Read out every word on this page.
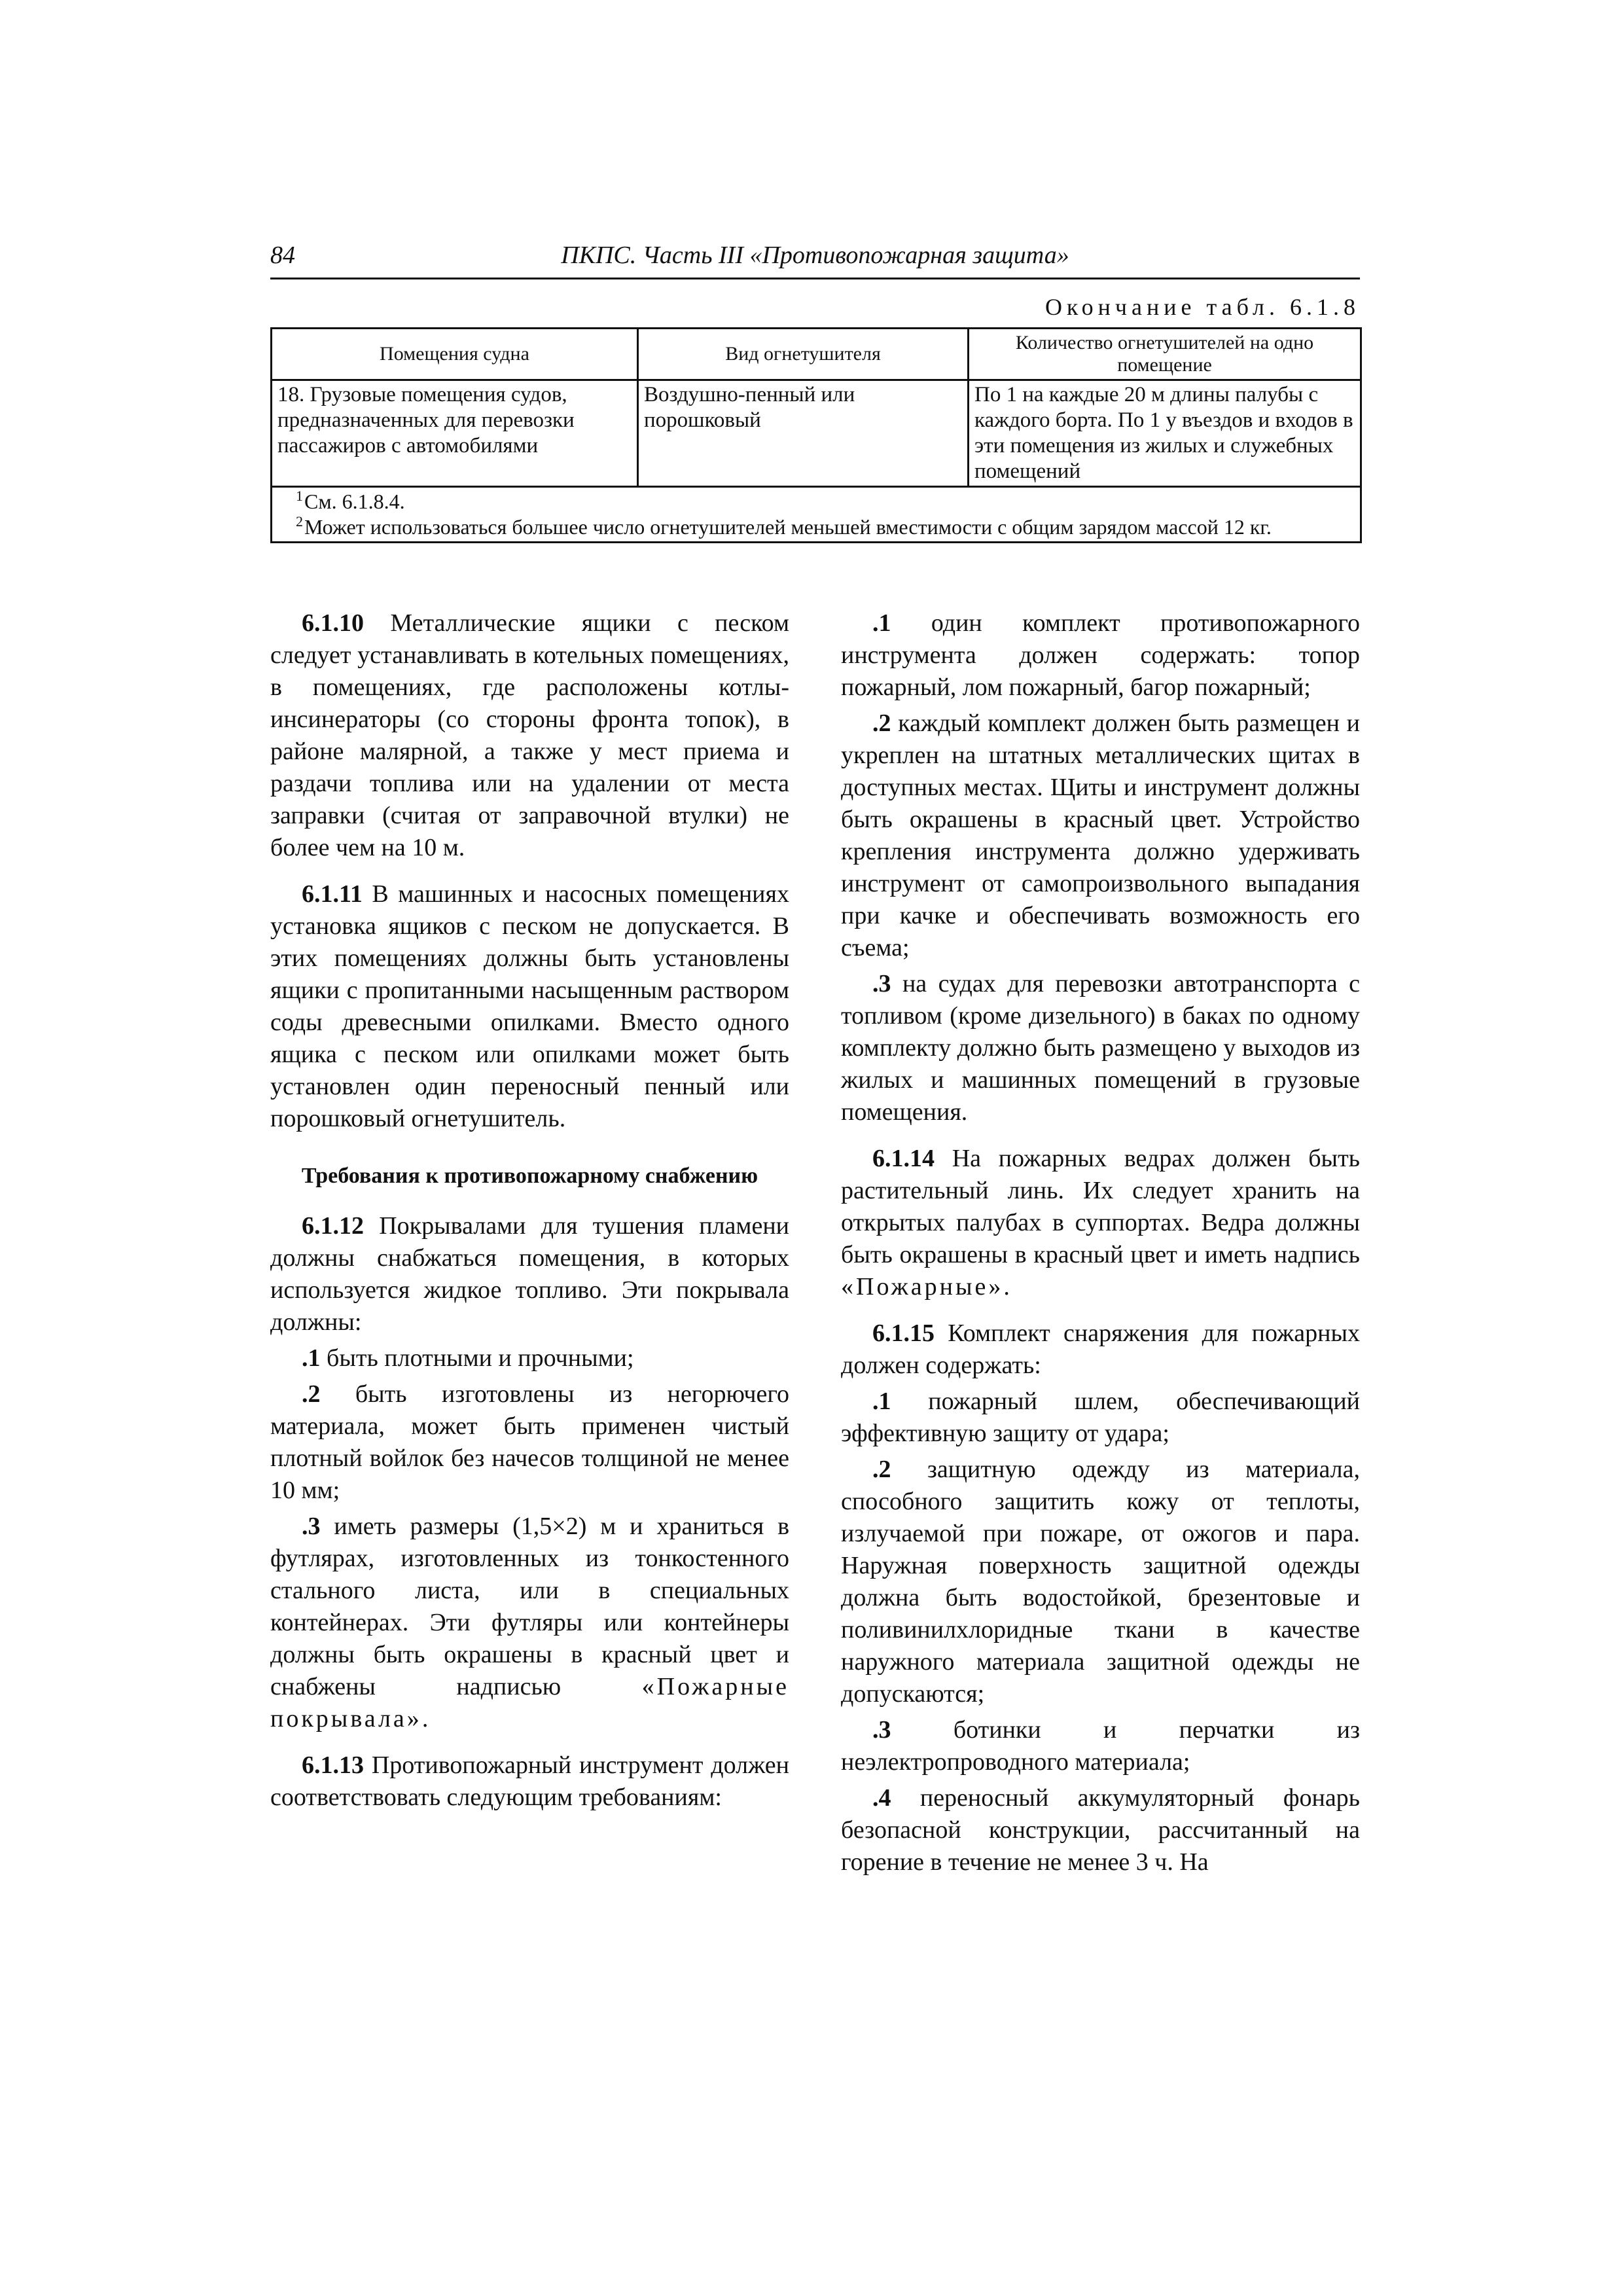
84	ПКПС. Часть III «Противопожарная защита»
Окончание табл. 6.1.8
Помещения судна	Вид огнетушителя	Количество огнетушителей на одно помещение
18. Грузовые помещения судов, предназначенных для перевозки пассажиров с автомобилями	Воздушно-пенный или порошковый	По 1 на каждые 20 м длины палубы с каждого борта. По 1 у въездов и входов в эти помещения из жилых и служебных помещений

$^1$См. 6.1.8.4.
$^2$Может использоваться большее число огнетушителей меньшей вместимости с общим зарядом массой 12 кг.		

6.1.10 Металлические ящики с песком следует устанавливать в котельных помещениях, в помещениях, где расположены котлы-инсинераторы (со стороны фронта топок), в районе малярной, а также у мест приема и раздачи топлива или на удалении от места заправки (считая от заправочной втулки) не более чем на 10 м.

6.1.11 В машинных и насосных помещениях установка ящиков с песком не допускается. В этих помещениях должны быть установлены ящики с пропитанными насыщенным раствором соды древесными опилками. Вместо одного ящика с песком или опилками может быть установлен один переносный пенный или порошковый огнетушитель.

Требования к противопожарному снабжению

6.1.12 Покрывалами для тушения пламени должны снабжаться помещения, в которых используется жидкое топливо. Эти покрывала должны:

.1 быть плотными и прочными;

.2 быть изготовлены из негорючего материала, может быть применен чистый плотный войлок без начесов толщиной не менее 10 мм;

.3 иметь размеры (1,5×2) м и храниться в футлярах, изготовленных из тонкостенного стального листа, или в специальных контейнерах. Эти футляры или контейнеры должны быть окрашены в красный цвет и снабжены надписью «Пожарные покрывала».

6.1.13 Противопожарный инструмент должен соответствовать следующим требованиям:

.1 один комплект противопожарного инструмента должен содержать: топор пожарный, лом пожарный, багор пожарный;

.2 каждый комплект должен быть размещен и укреплен на штатных металлических щитах в доступных местах. Щиты и инструмент должны быть окрашены в красный цвет. Устройство крепления инструмента должно удерживать инструмент от самопроизвольного выпадания при качке и обеспечивать возможность его съема;

.3 на судах для перевозки автотранспорта с топливом (кроме дизельного) в баках по одному комплекту должно быть размещено у выходов из жилых и машинных помещений в грузовые помещения.

6.1.14 На пожарных ведрах должен быть растительный линь. Их следует хранить на открытых палубах в суппортах. Ведра должны быть окрашены в красный цвет и иметь надпись «Пожарные».

6.1.15 Комплект снаряжения для пожарных должен содержать:

.1 пожарный шлем, обеспечивающий эффективную защиту от удара;

.2 защитную одежду из материала, способного защитить кожу от теплоты, излучаемой при пожаре, от ожогов и пара. Наружная поверхность защитной одежды должна быть водостойкой, брезентовые и поливинилхлоридные ткани в качестве наружного материала защитной одежды не допускаются;

.3	ботинки и перчатки из неэлектропроводного материала;

.4 переносный аккумуляторный фонарь безопасной конструкции, рассчитанный на горение в течение не менее 3 ч. На
